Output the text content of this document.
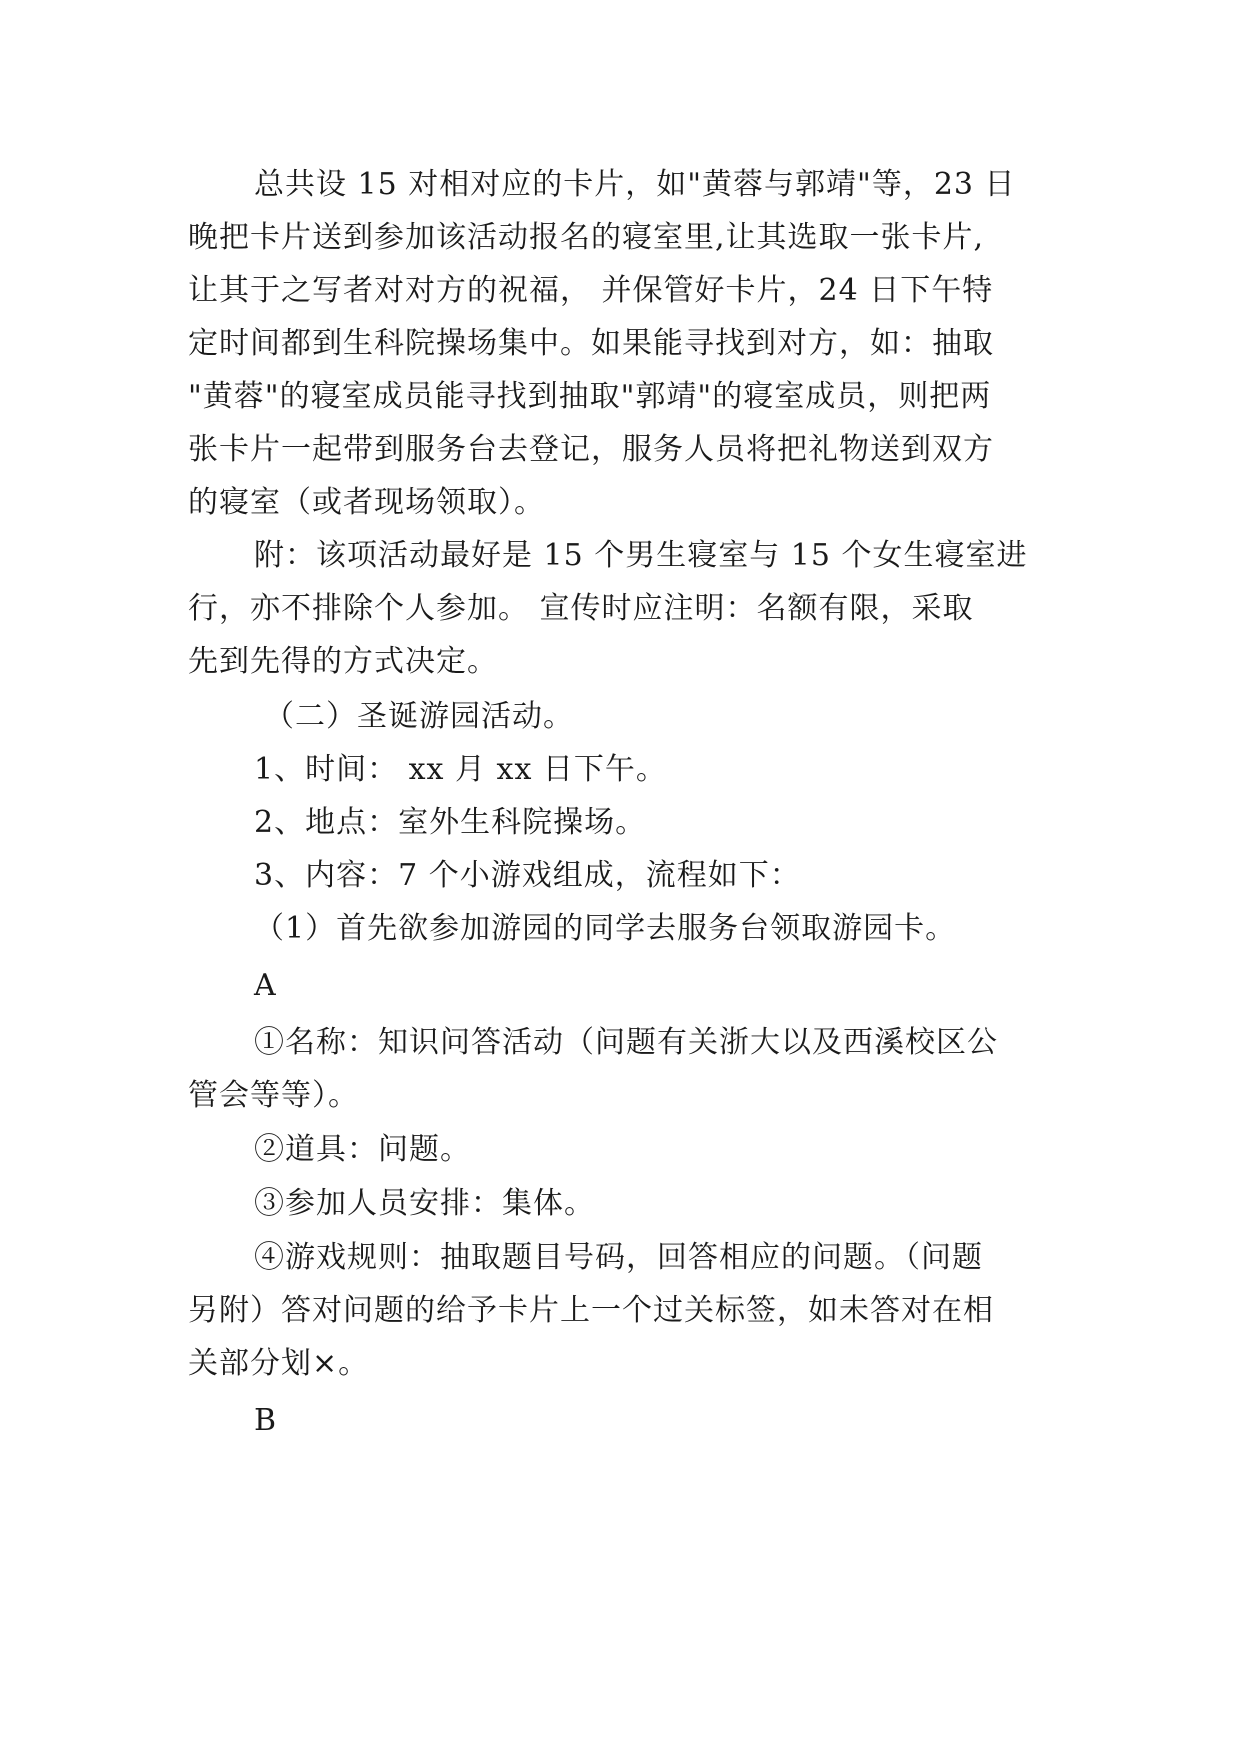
总共设 15 对相对应的卡片，如"黄蓉与郭靖"等，23 日
晚把卡片送到参加该活动报名的寝室里,让其选取一张卡片,
让其于之写者对对方的祝福， 并保管好卡片，24 日下午特
定时间都到生科院操场集中。如果能寻找到对方，如：抽取
"黄蓉"的寝室成员能寻找到抽取"郭靖"的寝室成员，则把两
张卡片一起带到服务台去登记，服务人员将把礼物送到双方
的寝室（或者现场领取）。
附：该项活动最好是 15 个男生寝室与 15 个女生寝室进
行，亦不排除个人参加。 宣传时应注明：名额有限，采取
先到先得的方式决定。
（二）圣诞游园活动。
1、时间： xx 月 xx 日下午。
2、地点：室外生科院操场。
3、内容：7 个小游戏组成，流程如下：
（1）首先欲参加游园的同学去服务台领取游园卡。
A
①名称：知识问答活动（问题有关浙大以及西溪校区公
管会等等）。
②道具：问题。
③参加人员安排：集体。
④游戏规则：抽取题目号码，回答相应的问题。（问题
另附）答对问题的给予卡片上一个过关标签，如未答对在相
关部分划×。
B
